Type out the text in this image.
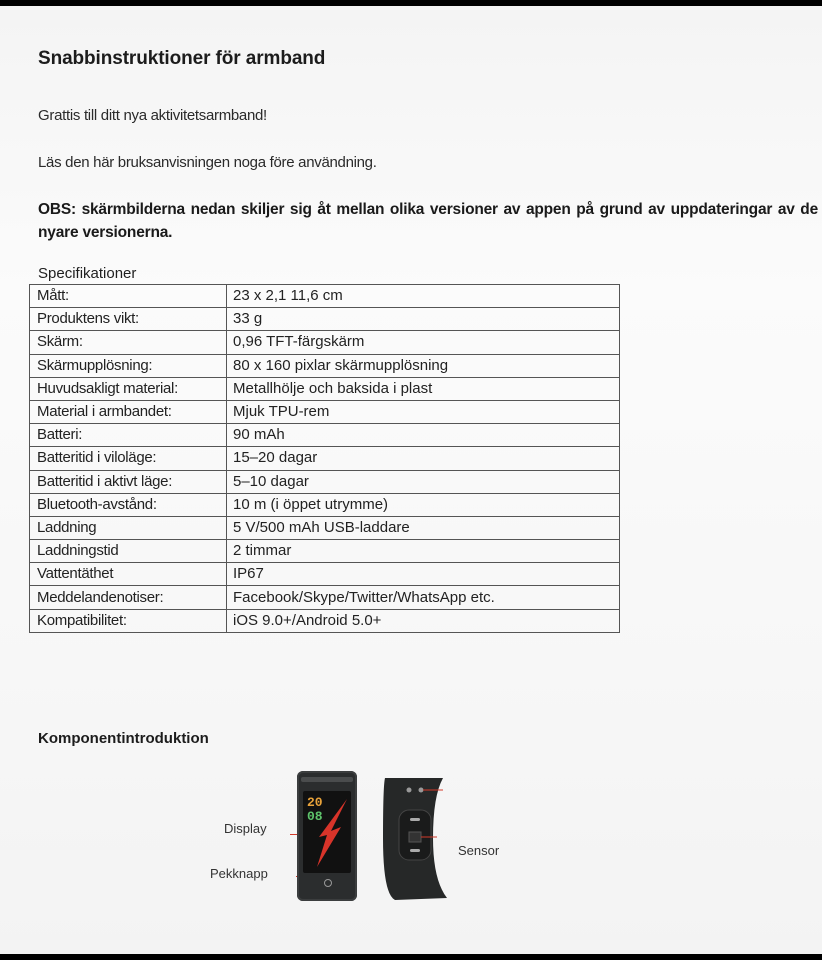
Snabbinstruktioner för armband
Grattis till ditt nya aktivitetsarmband!
Läs den här bruksanvisningen noga före användning.
OBS: skärmbilderna nedan skiljer sig åt mellan olika versioner av appen på grund av uppdateringar av de nyare versionerna.
Specifikationer
Mått:	23 x 2,1 11,6 cm
Produktens vikt:	33 g
Skärm:	0,96 TFT-färgskärm
Skärmupplösning:	80 x 160 pixlar skärmupplösning
Huvudsakligt material:	Metallhölje och baksida i plast
Material i armbandet:	Mjuk TPU-rem
Batteri:	90 mAh
Batteritid i viloläge:	15–20 dagar
Batteritid i aktivt läge:	5–10 dagar
Bluetooth-avstånd:	10 m (i öppet utrymme)
Laddning	5 V/500 mAh USB-laddare
Laddningstid	2 timmar
Vattentäthet	IP67
Meddelandenotiser:	Facebook/Skype/Twitter/WhatsApp etc.
Kompatibilitet:	iOS 9.0+/Android 5.0+
Komponentintroduktion
Display
Pekknapp
Sensor
20
08
